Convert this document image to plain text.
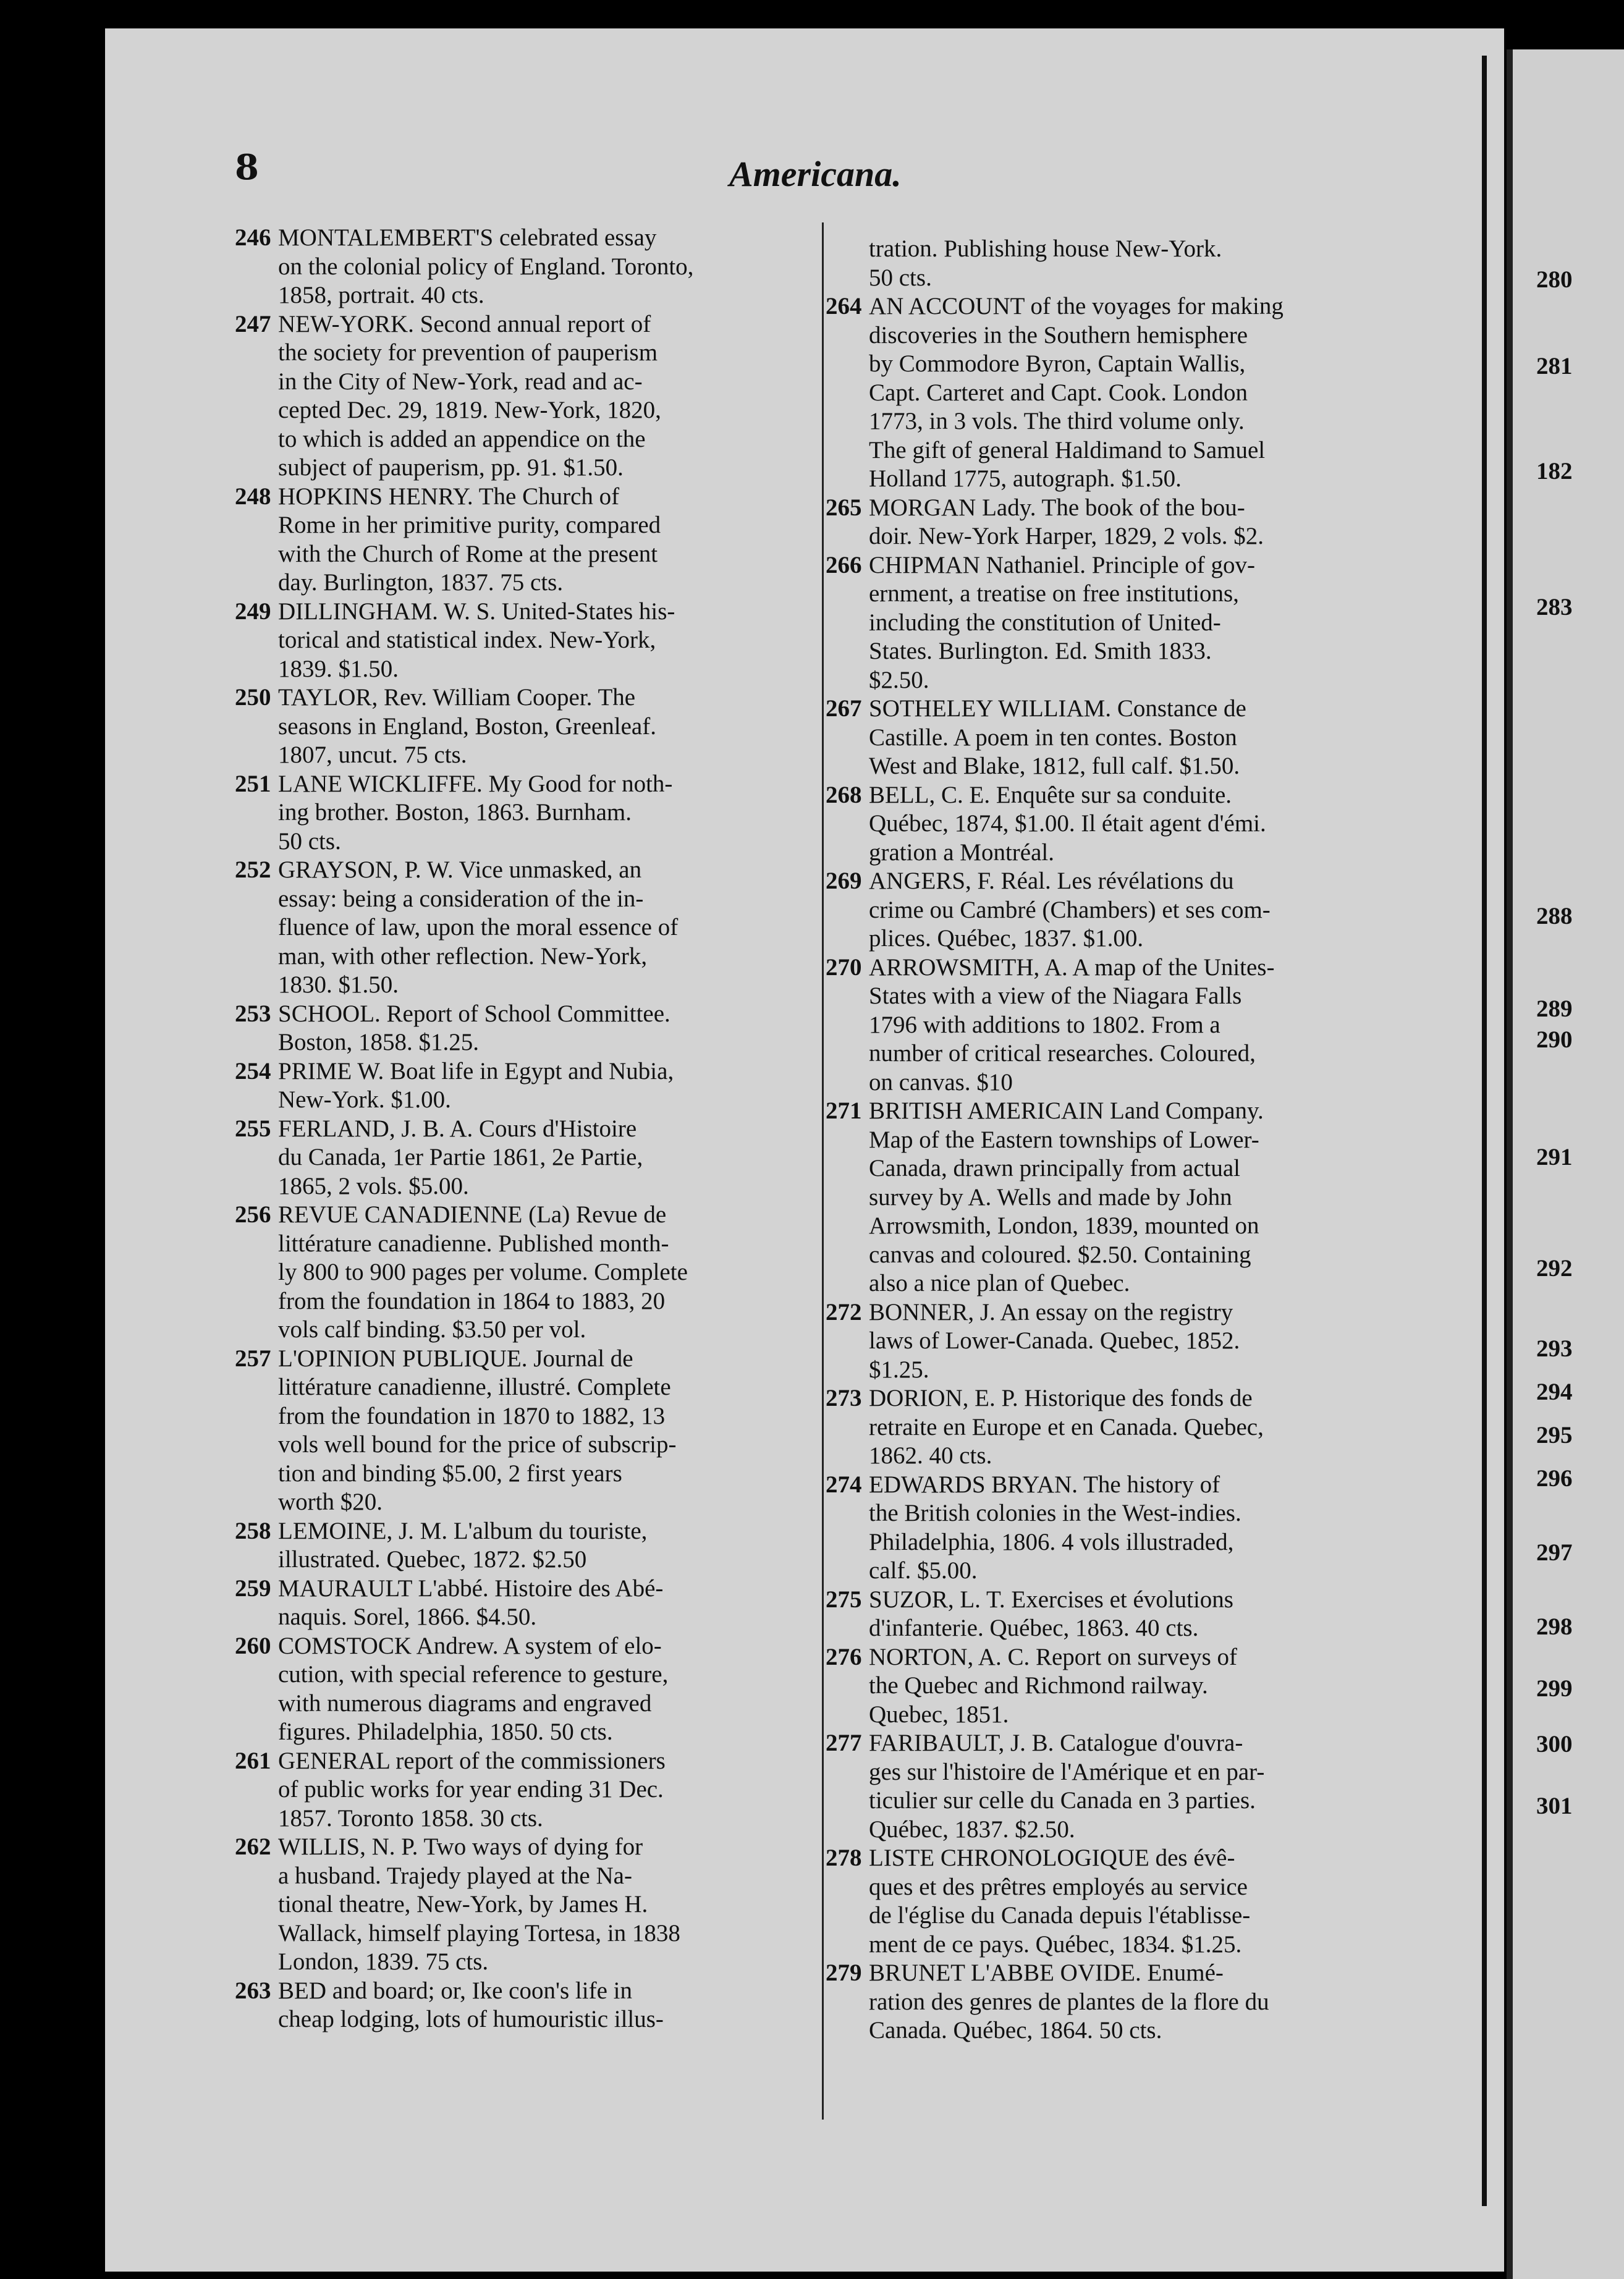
8	Americana.
246 MONTALEMBERT'S celebrated essay
on the colonial policy of England. Toronto,
1858, portrait. 40 cts.
247 NEW-YORK. Second annual report of
the society for prevention of pauperism
in the City of New-York, read and ac-
cepted Dec. 29, 1819. New-York, 1820,
to which is added an appendice on the
subject of pauperism, pp. 91. $1.50.
248 HOPKINS HENRY. The Church of
Rome in her primitive purity, compared
with the Church of Rome at the present
day. Burlington, 1837. 75 cts.
249 DILLINGHAM. W. S. United-States his-
torical and statistical index. New-York,
1839. $1.50.
250 TAYLOR, Rev. William Cooper. The
seasons in England, Boston, Greenleaf.
1807, uncut. 75 cts.
251 LANE WICKLIFFE. My Good for noth-
ing brother. Boston, 1863. Burnham.
50 cts.
252 GRAYSON, P. W. Vice unmasked, an
essay: being a consideration of the in-
fluence of law, upon the moral essence of
man, with other reflection. New-York,
1830. $1.50.
253 SCHOOL. Report of School Committee.
Boston, 1858. $1.25.
254 PRIME W. Boat life in Egypt and Nubia,
New-York. $1.00.
255 FERLAND, J. B. A. Cours d'Histoire
du Canada, 1er Partie 1861, 2e Partie,
1865, 2 vols. $5.00.
256 REVUE CANADIENNE (La) Revue de
littérature canadienne. Published month-
ly 800 to 900 pages per volume. Complete
from the foundation in 1864 to 1883, 20
vols calf binding. $3.50 per vol.
257 L'OPINION PUBLIQUE. Journal de
littérature canadienne, illustré. Complete
from the foundation in 1870 to 1882, 13
vols well bound for the price of subscrip-
tion and binding $5.00, 2 first years
worth $20.
258 LEMOINE, J. M. L'album du touriste,
illustrated. Quebec, 1872. $2.50
259 MAURAULT L'abbé. Histoire des Abé-
naquis. Sorel, 1866. $4.50.
260 COMSTOCK Andrew. A system of elo-
cution, with special reference to gesture,
with numerous diagrams and engraved
figures. Philadelphia, 1850. 50 cts.
261 GENERAL report of the commissioners
of public works for year ending 31 Dec.
1857. Toronto 1858. 30 cts.
262 WILLIS, N. P. Two ways of dying for
a husband. Trajedy played at the Na-
tional theatre, New-York, by James H.
Wallack, himself playing Tortesa, in 1838
London, 1839. 75 cts.
263 BED and board; or, Ike coon's life in
cheap lodging, lots of humouristic illus-
tration. Publishing house New-York.
50 cts.
264 AN ACCOUNT of the voyages for making
discoveries in the Southern hemisphere
by Commodore Byron, Captain Wallis,
Capt. Carteret and Capt. Cook. London
1773, in 3 vols. The third volume only.
The gift of general Haldimand to Samuel
Holland 1775, autograph. $1.50.
265 MORGAN Lady. The book of the bou-
doir. New-York Harper, 1829, 2 vols. $2.
266 CHIPMAN Nathaniel. Principle of gov-
ernment, a treatise on free institutions,
including the constitution of United-
States. Burlington. Ed. Smith 1833.
$2.50.
267 SOTHELEY WILLIAM. Constance de
Castille. A poem in ten contes. Boston
West and Blake, 1812, full calf. $1.50.
268 BELL, C. E. Enquête sur sa conduite.
Québec, 1874, $1.00. Il était agent d'émi.
gration a Montréal.
269 ANGERS, F. Réal. Les révélations du
crime ou Cambré (Chambers) et ses com-
plices. Québec, 1837. $1.00.
270 ARROWSMITH, A. A map of the Unites-
States with a view of the Niagara Falls
1796 with additions to 1802. From a
number of critical researches. Coloured,
on canvas. $10
271 BRITISH AMERICAIN Land Company.
Map of the Eastern townships of Lower-
Canada, drawn principally from actual
survey by A. Wells and made by John
Arrowsmith, London, 1839, mounted on
canvas and coloured. $2.50. Containing
also a nice plan of Quebec.
272 BONNER, J. An essay on the registry
laws of Lower-Canada. Quebec, 1852.
$1.25.
273 DORION, E. P. Historique des fonds de
retraite en Europe et en Canada. Quebec,
1862. 40 cts.
274 EDWARDS BRYAN. The history of
the British colonies in the West-indies.
Philadelphia, 1806. 4 vols illustraded,
calf. $5.00.
275 SUZOR, L. T. Exercises et évolutions
d'infanterie. Québec, 1863. 40 cts.
276 NORTON, A. C. Report on surveys of
the Quebec and Richmond railway.
Quebec, 1851.
277 FARIBAULT, J. B. Catalogue d'ouvra-
ges sur l'histoire de l'Amérique et en par-
ticulier sur celle du Canada en 3 parties.
Québec, 1837. $2.50.
278 LISTE CHRONOLOGIQUE des évê-
ques et des prêtres employés au service
de l'église du Canada depuis l'établisse-
ment de ce pays. Québec, 1834. $1.25.
279 BRUNET L'ABBE OVIDE. Enumé-
ration des genres de plantes de la flore du
Canada. Québec, 1864. 50 cts.
280
281
182
283
288
289
290
291
292
293
294
295
296
297
298
299
300
301
